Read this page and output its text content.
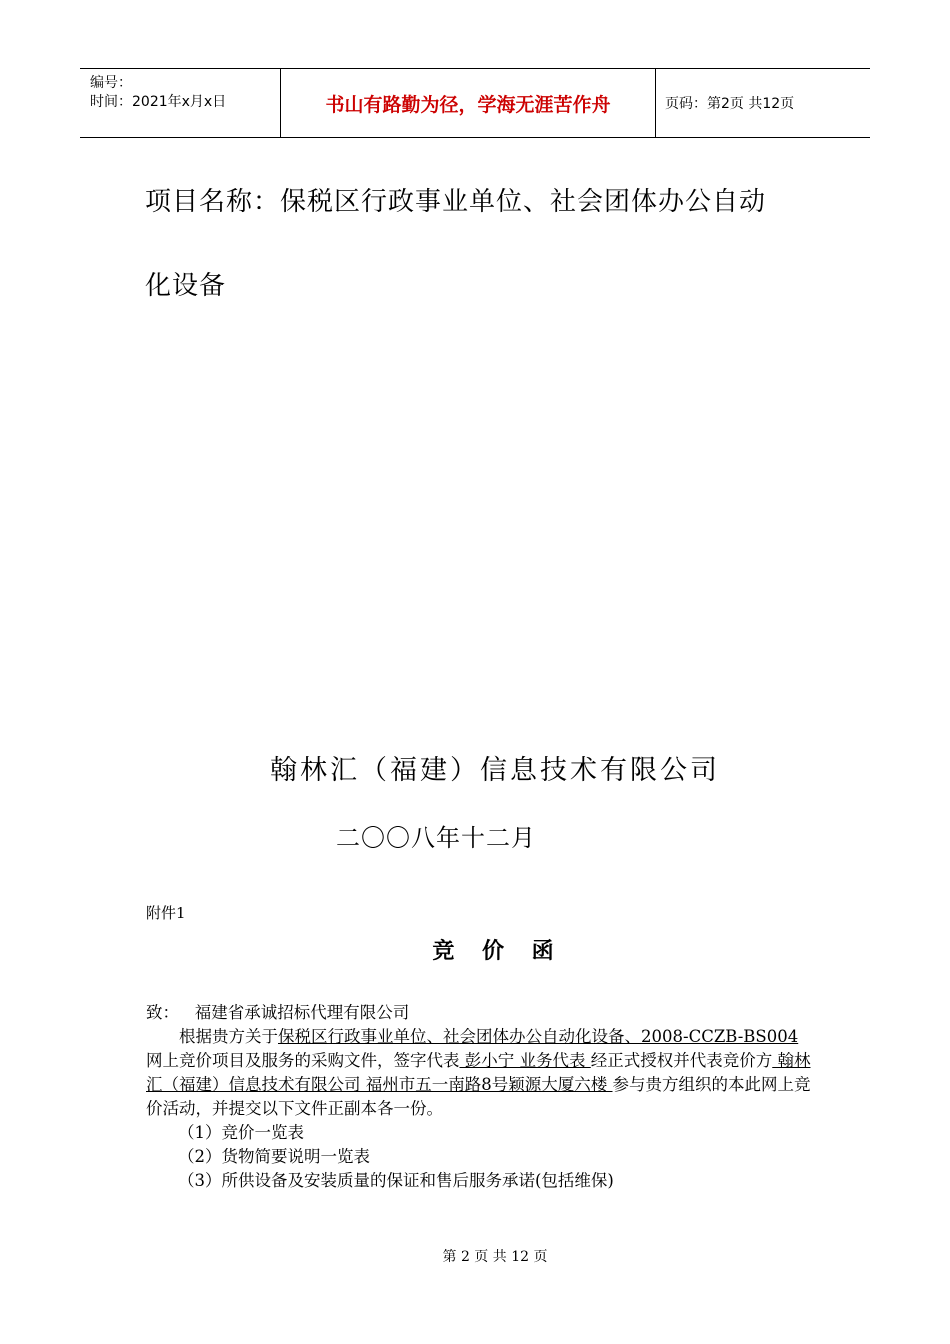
编号：
时间：2021年x月x日	书山有路勤为径，学海无涯苦作舟	页码：第2页 共12页
项目名称：保税区行政事业单位、社会团体办公自动
化设备
翰林汇（福建）信息技术有限公司
二〇〇八年十二月
附件1
竞 价 函

致： 福建省承诚招标代理有限公司

根据贵方关于保税区行政事业单位、社会团体办公自动化设备、2008-CCZB-BS004网上竞价项目及服务的采购文件，签字代表 彭小宁 业务代表 经正式授权并代表竞价方 翰林汇（福建）信息技术有限公司 福州市五一南路8号颖源大厦六楼 参与贵方组织的本此网上竞价活动，并提交以下文件正副本各一份。

（1）竞价一览表

（2）货物简要说明一览表

（3）所供设备及安装质量的保证和售后服务承诺(包括维保)

第 2 页 共 12 页
